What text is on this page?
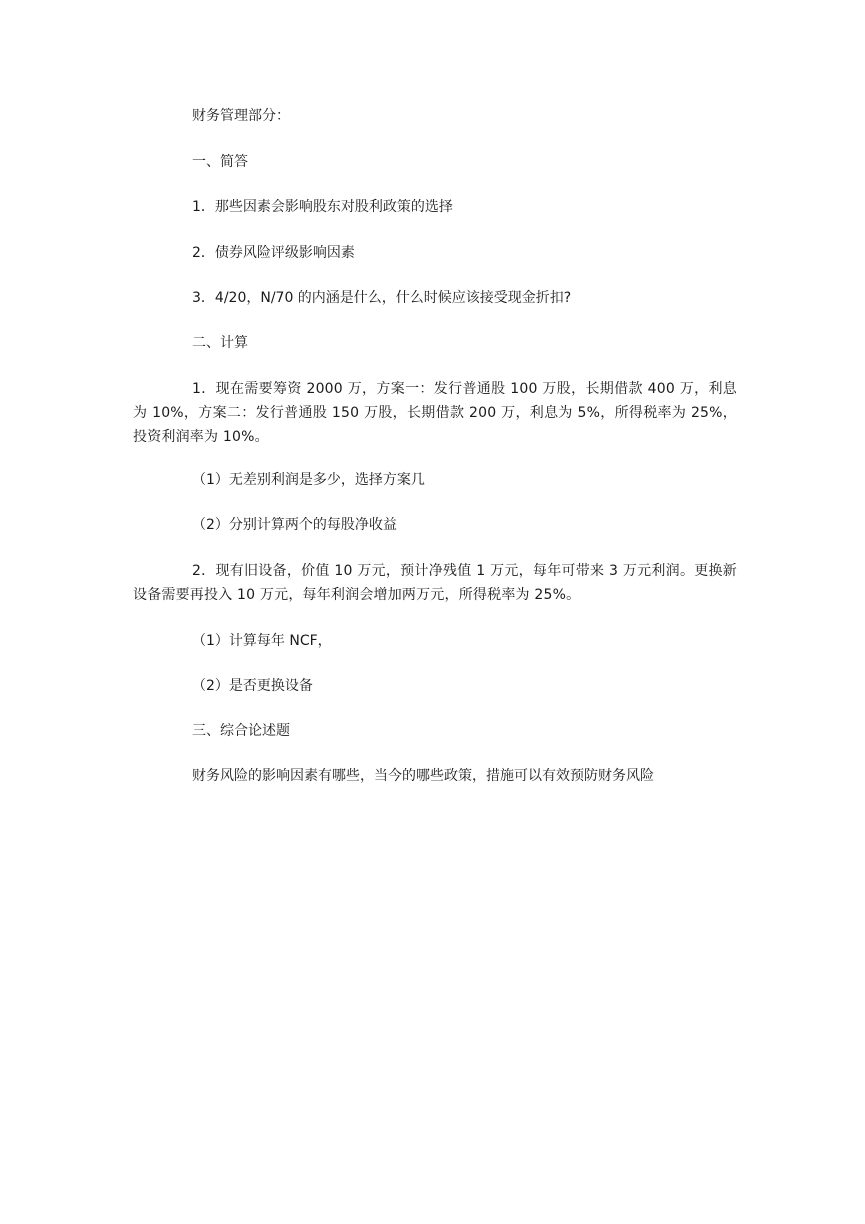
财务管理部分：
一、简答
1．那些因素会影响股东对股利政策的选择
2．债券风险评级影响因素
3．4/20，N/70 的内涵是什么，什么时候应该接受现金折扣?
二、计算
1．现在需要筹资 2000 万，方案一：发行普通股 100 万股，长期借款 400 万，利息为 10%，方案二：发行普通股 150 万股，长期借款 200 万，利息为 5%，所得税率为 25%，投资利润率为 10%。
（1）无差别利润是多少，选择方案几
（2）分别计算两个的每股净收益
2．现有旧设备，价值 10 万元，预计净残值 1 万元，每年可带来 3 万元利润。更换新设备需要再投入 10 万元，每年利润会增加两万元，所得税率为 25%。
（1）计算每年 NCF，
（2）是否更换设备
三、综合论述题
财务风险的影响因素有哪些，当今的哪些政策，措施可以有效预防财务风险
